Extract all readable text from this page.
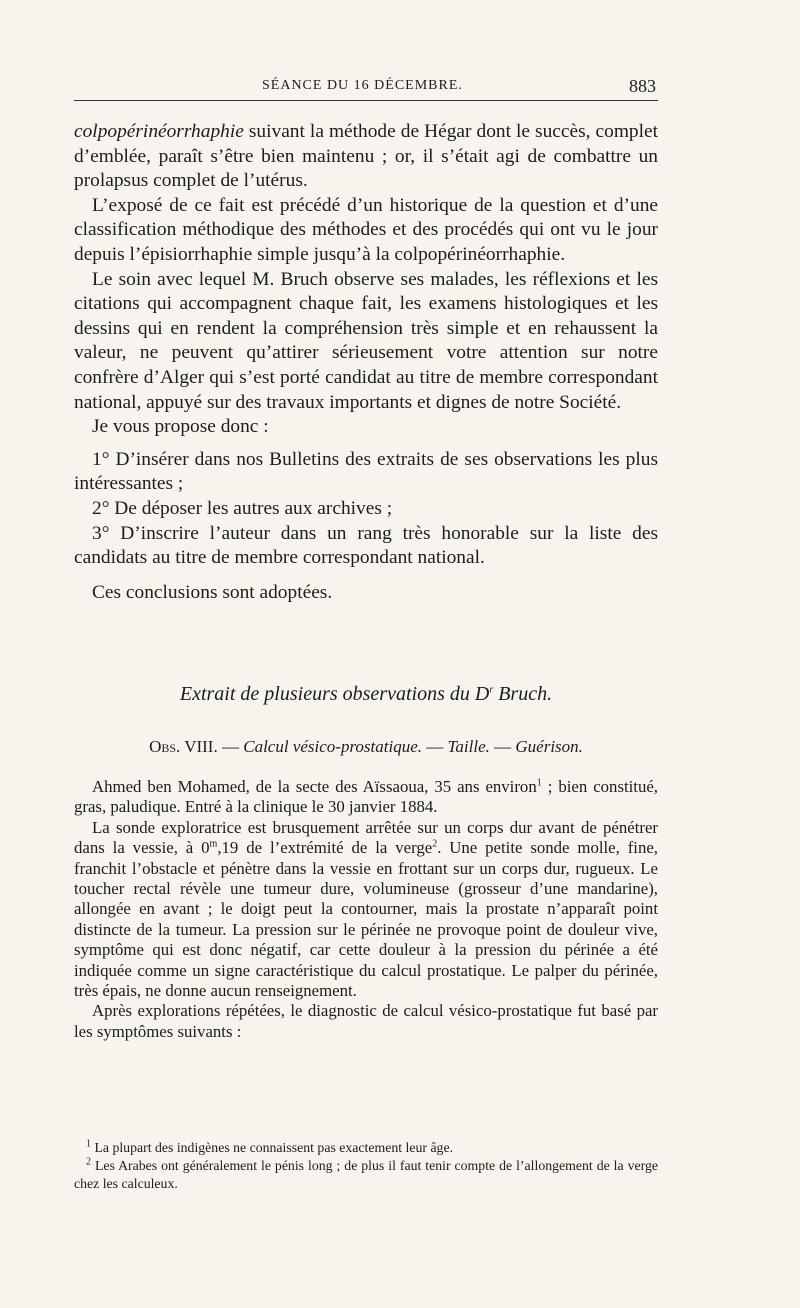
SÉANCE DU 16 DÉCEMBRE.	883

colpopérinéorrhaphie suivant la méthode de Hégar dont le succès, complet d’emblée, paraît s’être bien maintenu ; or, il s’était agi de combattre un prolapsus complet de l’utérus.

L’exposé de ce fait est précédé d’un historique de la question et d’une classification méthodique des méthodes et des procédés qui ont vu le jour depuis l’épisiorrhaphie simple jusqu’à la colpopérinéorrhaphie.

Le soin avec lequel M. Bruch observe ses malades, les réflexions et les citations qui accompagnent chaque fait, les examens histologiques et les dessins qui en rendent la compréhension très simple et en rehaussent la valeur, ne peuvent qu’attirer sérieusement votre attention sur notre confrère d’Alger qui s’est porté candidat au titre de membre correspondant national, appuyé sur des travaux importants et dignes de notre Société.

Je vous propose donc :

1° D’insérer dans nos Bulletins des extraits de ses observations les plus intéressantes ;

2° De déposer les autres aux archives ;

3° D’inscrire l’auteur dans un rang très honorable sur la liste des candidats au titre de membre correspondant national.

Ces conclusions sont adoptées.

Extrait de plusieurs observations du $D^r$ Bruch.
Obs. VIII. — Calcul vésico-prostatique. — Taille. — Guérison.

Ahmed ben Mohamed, de la secte des Aïssaoua, 35 ans environ$^1$ ; bien constitué, gras, paludique. Entré à la clinique le 30 janvier 1884.

La sonde exploratrice est brusquement arrêtée sur un corps dur avant de pénétrer dans la vessie, à 0$^m$,19 de l’extrémité de la verge$^2$. Une petite sonde molle, fine, franchit l’obstacle et pénètre dans la vessie en frottant sur un corps dur, rugueux. Le toucher rectal révèle une tumeur dure, volumineuse (grosseur d’une mandarine), allongée en avant ; le doigt peut la contourner, mais la prostate n’apparaît point distincte de la tumeur. La pression sur le périnée ne provoque point de douleur vive, symptôme qui est donc négatif, car cette douleur à la pression du périnée a été indiquée comme un signe caractéristique du calcul prostatique. Le palper du périnée, très épais, ne donne aucun renseignement.

Après explorations répétées, le diagnostic de calcul vésico-prostatique fut basé par les symptômes suivants :

$^1$ La plupart des indigènes ne connaissent pas exactement leur âge.

$^2$ Les Arabes ont généralement le pénis long ; de plus il faut tenir compte de l’allongement de la verge chez les calculeux.
